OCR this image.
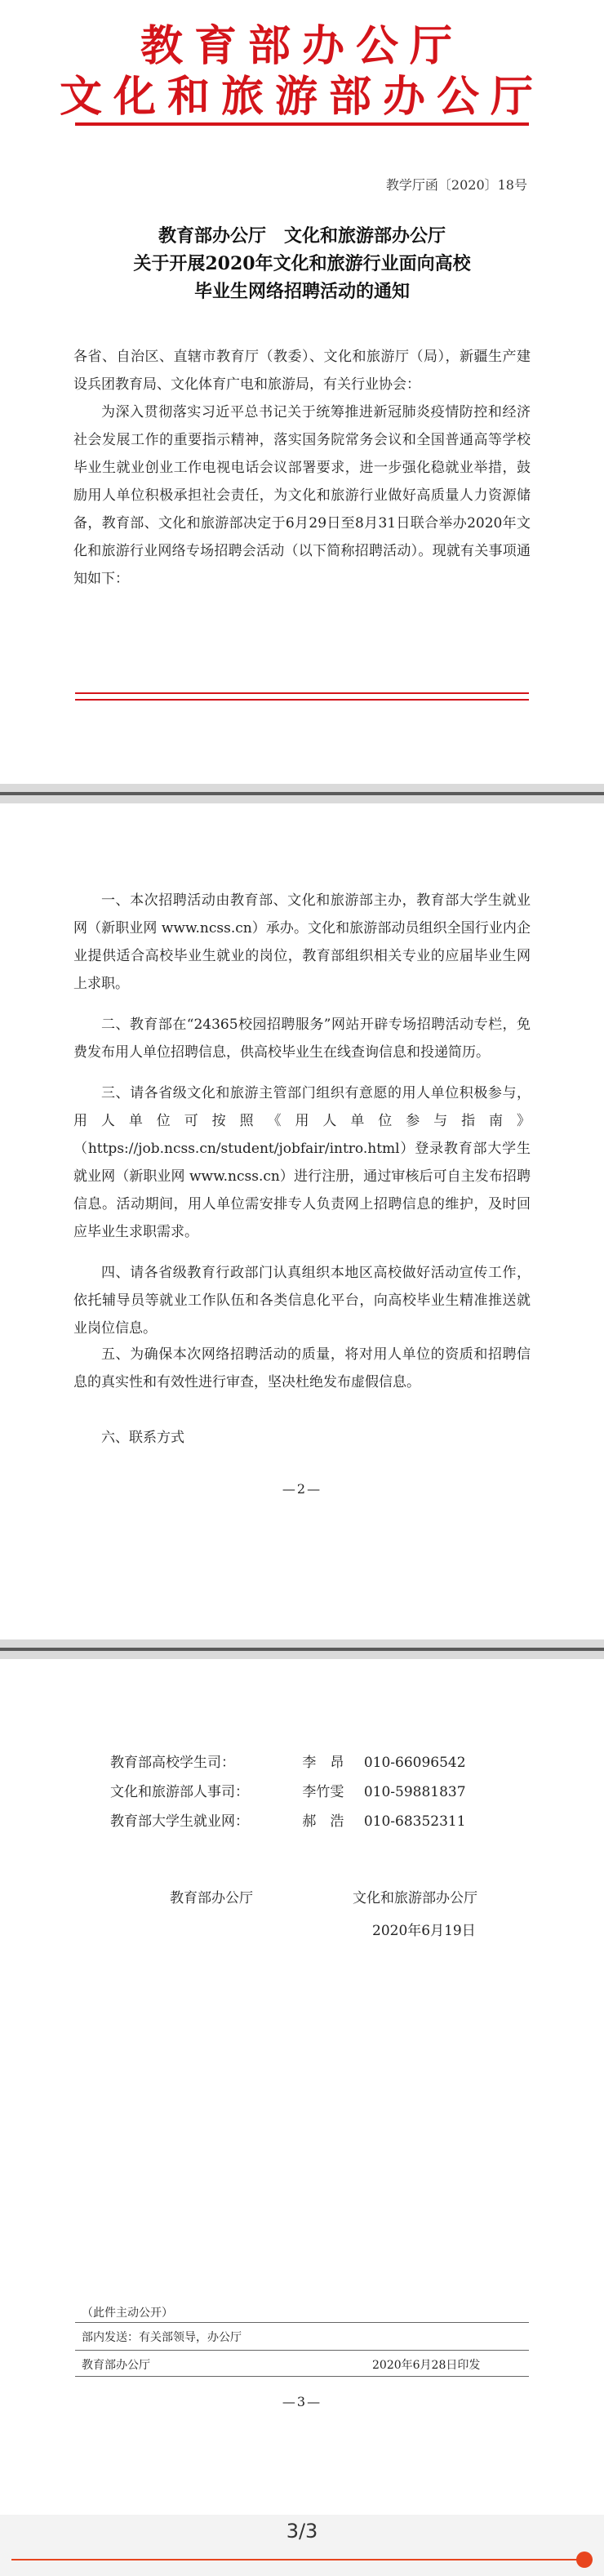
教育部办公厅
文化和旅游部办公厅
教学厅函〔2020〕18号
教育部办公厅　文化和旅游部办公厅
关于开展2020年文化和旅游行业面向高校
毕业生网络招聘活动的通知
各省、自治区、直辖市教育厅（教委）、文化和旅游厅（局），新疆生产建设兵团教育局、文化体育广电和旅游局，有关行业协会：
为深入贯彻落实习近平总书记关于统筹推进新冠肺炎疫情防控和经济社会发展工作的重要指示精神，落实国务院常务会议和全国普通高等学校毕业生就业创业工作电视电话会议部署要求，进一步强化稳就业举措，鼓励用人单位积极承担社会责任，为文化和旅游行业做好高质量人力资源储备，教育部、文化和旅游部决定于6月29日至8月31日联合举办2020年文化和旅游行业网络专场招聘会活动（以下简称招聘活动）。现就有关事项通知如下：
一、本次招聘活动由教育部、文化和旅游部主办，教育部大学生就业网（新职业网 www.ncss.cn）承办。文化和旅游部动员组织全国行业内企业提供适合高校毕业生就业的岗位，教育部组织相关专业的应届毕业生网上求职。
二、教育部在“24365校园招聘服务”网站开辟专场招聘活动专栏，免费发布用人单位招聘信息，供高校毕业生在线查询信息和投递简历。
三、请各省级文化和旅游主管部门组织有意愿的用人单位积极参与，用人单位可按照《用人单位参与指南》（https://job.ncss.cn/student/jobfair/intro.html）登录教育部大学生就业网（新职业网 www.ncss.cn）进行注册，通过审核后可自主发布招聘信息。活动期间，用人单位需安排专人负责网上招聘信息的维护，及时回应毕业生求职需求。
四、请各省级教育行政部门认真组织本地区高校做好活动宣传工作，依托辅导员等就业工作队伍和各类信息化平台，向高校毕业生精准推送就业岗位信息。
五、为确保本次网络招聘活动的质量，将对用人单位的资质和招聘信息的真实性和有效性进行审查，坚决杜绝发布虚假信息。
六、联系方式
—2—
教育部高校学生司：	李　昂 010-66096542
文化和旅游部人事司：	李竹雯 010-59881837
教育部大学生就业网：	郝　浩 010-68352311
教育部办公厅	文化和旅游部办公厅
2020年6月19日
（此件主动公开）
部内发送：有关部领导，办公厅
教育部办公厅	2020年6月28日印发
—3—
3/3
